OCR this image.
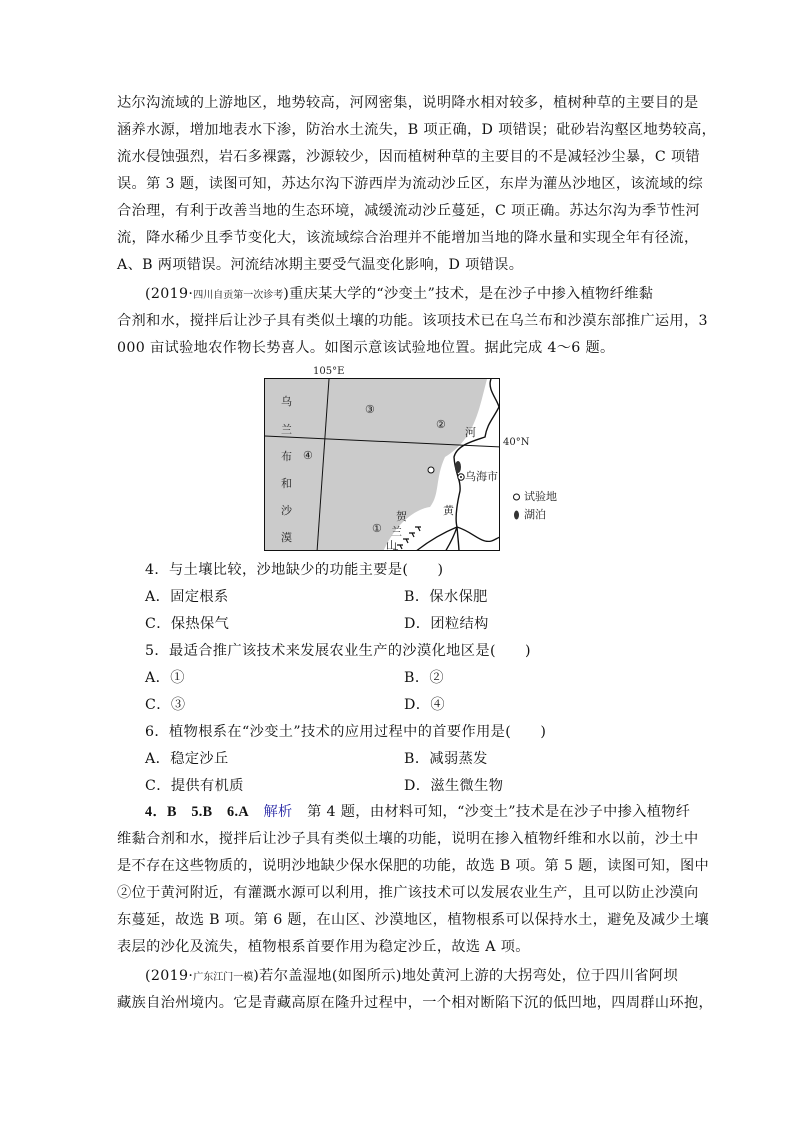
达尔沟流域的上游地区，地势较高，河网密集，说明降水相对较多，植树种草的主要目的是
涵养水源，增加地表水下渗，防治水土流失，B 项正确，D 项错误；砒砂岩沟壑区地势较高，
流水侵蚀强烈，岩石多裸露，沙源较少，因而植树种草的主要目的不是减轻沙尘暴，C 项错
误。第 3 题，读图可知，苏达尔沟下游西岸为流动沙丘区，东岸为灌丛沙地区，该流域的综
合治理，有利于改善当地的生态环境，减缓流动沙丘蔓延，C 项正确。苏达尔沟为季节性河
流，降水稀少且季节变化大，该流域综合治理并不能增加当地的降水量和实现全年有径流，
A、B 两项错误。河流结冰期主要受气温变化影响，D 项错误。
(2019·四川自贡第一次诊考)重庆某大学的“沙变土”技术，是在沙子中掺入植物纤维黏
合剂和水，搅拌后让沙子具有类似土壤的功能。该项技术已在乌兰布和沙漠东部推广运用，3
000 亩试验地农作物长势喜人。如图示意该试验地位置。据此完成 4～6 题。
105°E
40°N
乌
兰
布
和
沙
漠
①
②
③
④
乌海市
河
黄
贺
兰
山
试验地
湖泊
4．与土壤比较，沙地缺少的功能主要是(　　)
A．固定根系	B．保水保肥
C．保热保气	D．团粒结构
5．最适合推广该技术来发展农业生产的沙漠化地区是(　　)
A．①	B．②
C．③	D．④
6．植物根系在“沙变土”技术的应用过程中的首要作用是(　　)
A．稳定沙丘	B．减弱蒸发
C．提供有机质	D．滋生微生物
4．B　5.B　6.A　 解析　 第 4 题，由材料可知，“沙变土”技术是在沙子中掺入植物纤
维黏合剂和水，搅拌后让沙子具有类似土壤的功能，说明在掺入植物纤维和水以前，沙土中
是不存在这些物质的，说明沙地缺少保水保肥的功能，故选 B 项。第 5 题，读图可知，图中
②位于黄河附近，有灌溉水源可以利用，推广该技术可以发展农业生产，且可以防止沙漠向
东蔓延，故选 B 项。第 6 题，在山区、沙漠地区，植物根系可以保持水土，避免及减少土壤
表层的沙化及流失，植物根系首要作用为稳定沙丘，故选 A 项。
(2019·广东江门一模)若尔盖湿地(如图所示)地处黄河上游的大拐弯处，位于四川省阿坝
藏族自治州境内。它是青藏高原在隆升过程中，一个相对断陷下沉的低凹地，四周群山环抱，
